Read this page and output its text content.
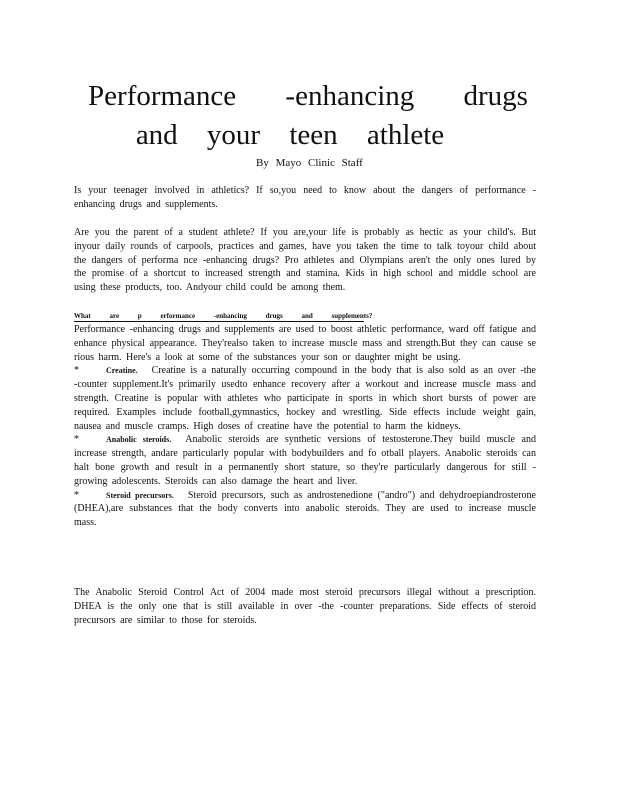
Performance -enhancing drugs
and your teen athlete
By Mayo Clinic Staff

Is your teenager involved in athletics? If so,you need to know about the dangers of performance - enhancing drugs and supplements.

Are you the parent of a student athlete? If you are,your life is probably as hectic as your child's. But inyour daily rounds of carpools, practices and games, have you taken the time to talk toyour child about the dangers of performa nce -enhancing drugs? Pro athletes and Olympians aren't the only ones lured by the promise of a shortcut to increased strength and stamina. Kids in high school and middle school are using these products, too. Andyour child could be among them.

What are p erformance -enhancing drugs and supplements?
Performance -enhancing drugs and supplements are used to boost athletic performance, ward off fatigue and enhance physical appearance. They'realso taken to increase muscle mass and strength.But they can cause se rious harm. Here's a look at some of the substances your son or daughter might be using.
*	Creatine. Creatine is a naturally occurring compound in the body that is also sold as an over -the -counter supplement.It's primarily usedto enhance recovery after a workout and increase muscle mass and strength. Creatine is popular with athletes who participate in sports in which short bursts of power are required. Examples include football,gymnastics, hockey and wrestling. Side effects include weight gain, nausea and muscle cramps. High doses of creatine have the potential to harm the kidneys.
*	Anabolic steroids. Anabolic steroids are synthetic versions of testosterone.They build muscle and increase strength, andare particularly popular with bodybuilders and fo otball players. Anabolic steroids can halt bone growth and result in a permanently short stature, so they're particularly dangerous for still -growing adolescents. Steroids can also damage the heart and liver.
*	Steroid precursors. Steroid precursors, such as androstenedione ("andro") and dehydroepiandrosterone (DHEA),are substances that the body converts into anabolic steroids. They are used to increase muscle mass.

The Anabolic Steroid Control Act of 2004 made most steroid precursors illegal without a prescription. DHEA is the only one that is still available in over -the -counter preparations. Side effects of steroid precursors are similar to those for steroids.
